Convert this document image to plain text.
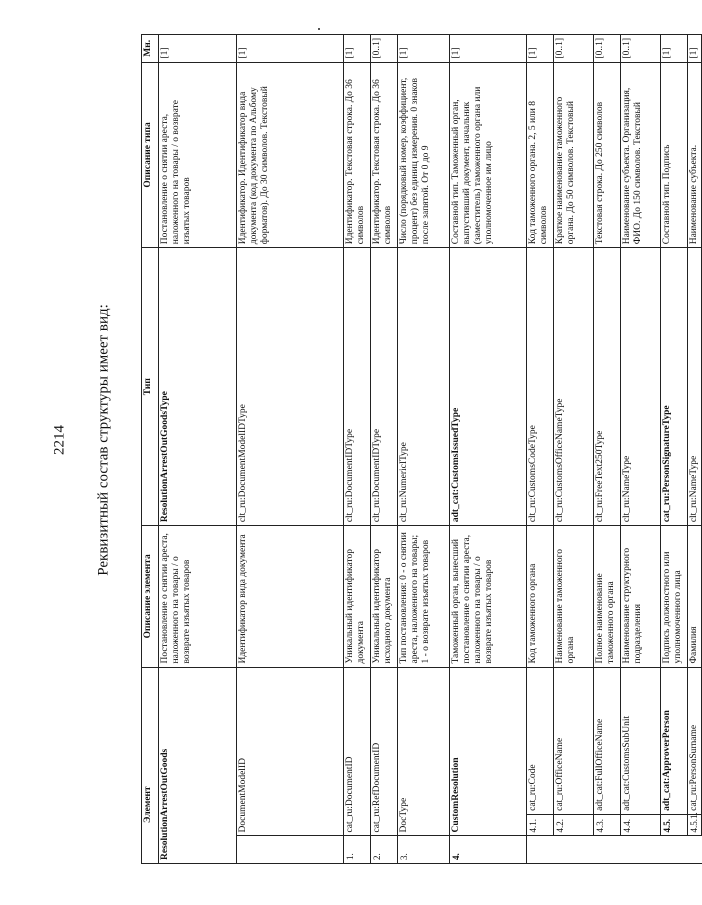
2214 Реквизитный состав структуры имеет вид:
Элемент			Описание элемента	Тип	Описание типа	Мн.
ResolutionArrestOutGoods			Постановление о снятии ареста, наложенного на товары / о возврате изъятых товаров	ResolutionArrestOutGoodsType	Постановление о снятии ареста, наложенного на товары / о возврате изъятых товаров	[1]
	DocumentModelID		Идентификатор вида документа	clt_ru:DocumentModelIDType	Идентификатор. Идентификатор вида документа (код документа по Альбому форматов). До 30 символов. Текстовый	[1]
1.	cat_ru:DocumentID		Уникальный идентификатор документа	clt_ru:DocumentIDType	Идентификатор. Текстовая строка. До 36 символов	[1]
2.	cat_ru:RefDocumentID		Уникальный идентификатор исходного документа	clt_ru:DocumentIDType	Идентификатор. Текстовая строка. До 36 символов	[0..1]
3.	DocType		Тип постановления: 0 - о снятии ареста, наложенного на товары; 1 - о возврате изъятых товаров	clt_ru:NumericIType	Число (порядковый номер, коэффициент, процент) без единиц измерения. 0 знаков после запятой. От 0 до 9	[1]
4.	CustomResolution		Таможенный орган, вынесший постановление о снятии ареста, наложенного на товары / о возврате изъятых товаров	adt_cat:CustomsIssuedType	Составной тип. Таможенный орган, выпустивший документ, начальник (заместитель) таможенного органа или уполномоченное им лицо	[1]
	4.1.	cat_ru:Code	Код таможенного органа	clt_ru:CustomsCodeType	Код таможенного органа. 2, 5 или 8 символов	[1]
	4.2.	cat_ru:OfficeName	Наименование таможенного органа	clt_ru:CustomsOfficeNameType	Краткое наименование таможенного органа. До 50 символов. Текстовый	[0..1]
	4.3.	adt_cat:FullOfficeName	Полное наименование таможенного органа	clt_ru:FreeText250Type	Текстовая строка. До 250 символов	[0..1]
	4.4.	adt_cat:CustomsSubUnit	Наименование структурного подразделения	clt_ru:NameType	Наименование субъекта. Организация, ФИО. До 150 символов. Текстовый	[0..1]
	4.5.	adt_cat:ApproverPerson	Подпись должностного или уполномоченного лица	cat_ru:PersonSignatureType	Составной тип. Подпись	[1]
	4.5.1.	cat_ru:PersonSurname	Фамилия	clt_ru:NameType	Наименование субъекта.	[1]
